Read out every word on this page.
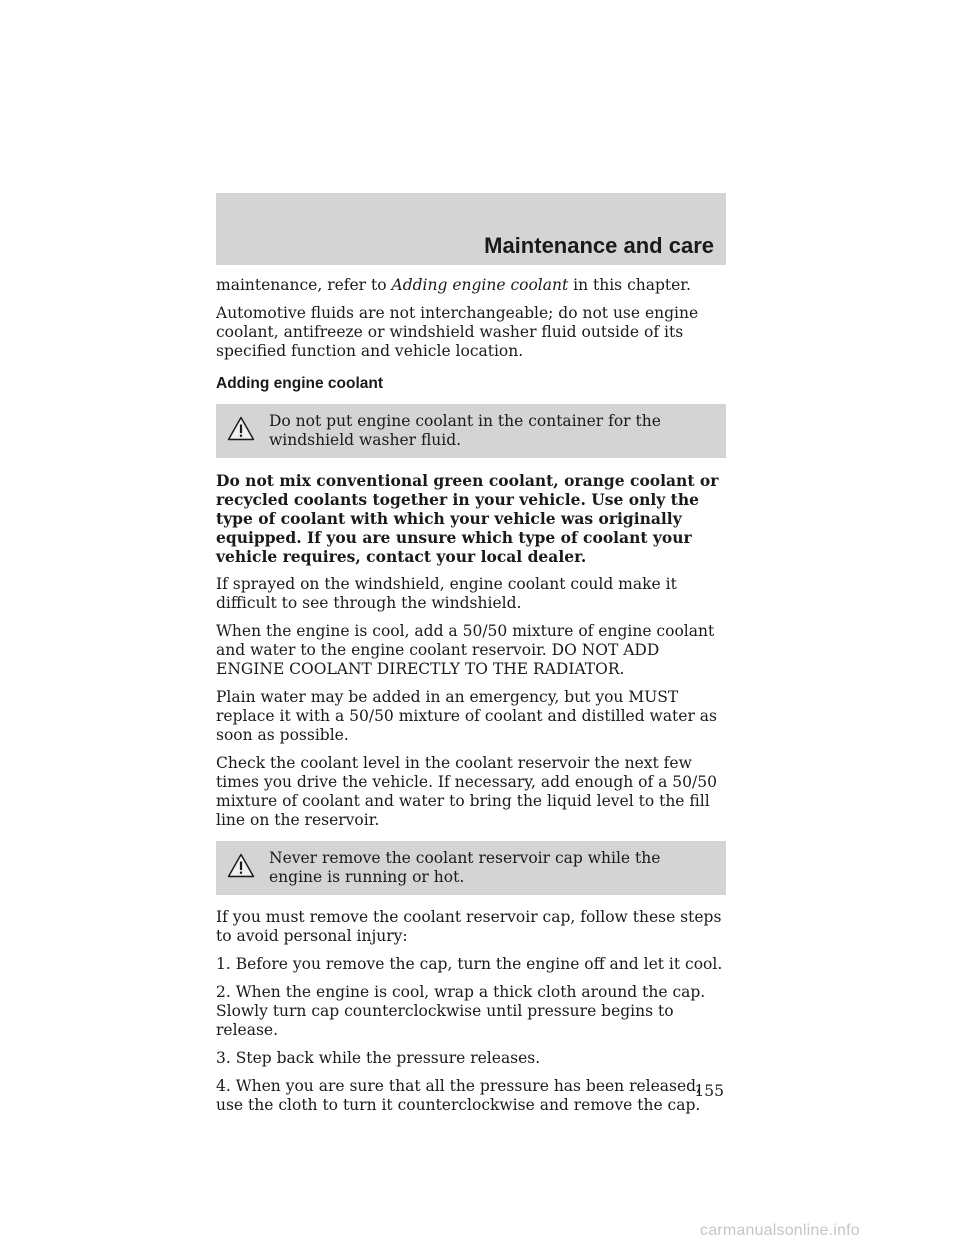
Maintenance and care

maintenance, refer to Adding engine coolant in this chapter.

Automotive fluids are not interchangeable; do not use engine coolant, antifreeze or windshield washer fluid outside of its specified function and vehicle location.

Adding engine coolant

Do not put engine coolant in the container for the windshield washer fluid.

Do not mix conventional green coolant, orange coolant or recycled coolants together in your vehicle. Use only the type of coolant with which your vehicle was originally equipped. If you are unsure which type of coolant your vehicle requires, contact your local dealer.

If sprayed on the windshield, engine coolant could make it difficult to see through the windshield.

When the engine is cool, add a 50/50 mixture of engine coolant and water to the engine coolant reservoir. DO NOT ADD ENGINE COOLANT DIRECTLY TO THE RADIATOR.

Plain water may be added in an emergency, but you MUST replace it with a 50/50 mixture of coolant and distilled water as soon as possible.

Check the coolant level in the coolant reservoir the next few times you drive the vehicle. If necessary, add enough of a 50/50 mixture of coolant and water to bring the liquid level to the fill line on the reservoir.

Never remove the coolant reservoir cap while the engine is running or hot.

If you must remove the coolant reservoir cap, follow these steps to avoid personal injury:

1. Before you remove the cap, turn the engine off and let it cool.

2. When the engine is cool, wrap a thick cloth around the cap. Slowly turn cap counterclockwise until pressure begins to release.

3. Step back while the pressure releases.

4. When you are sure that all the pressure has been released, use the cloth to turn it counterclockwise and remove the cap.

155
carmanualsonline.info
